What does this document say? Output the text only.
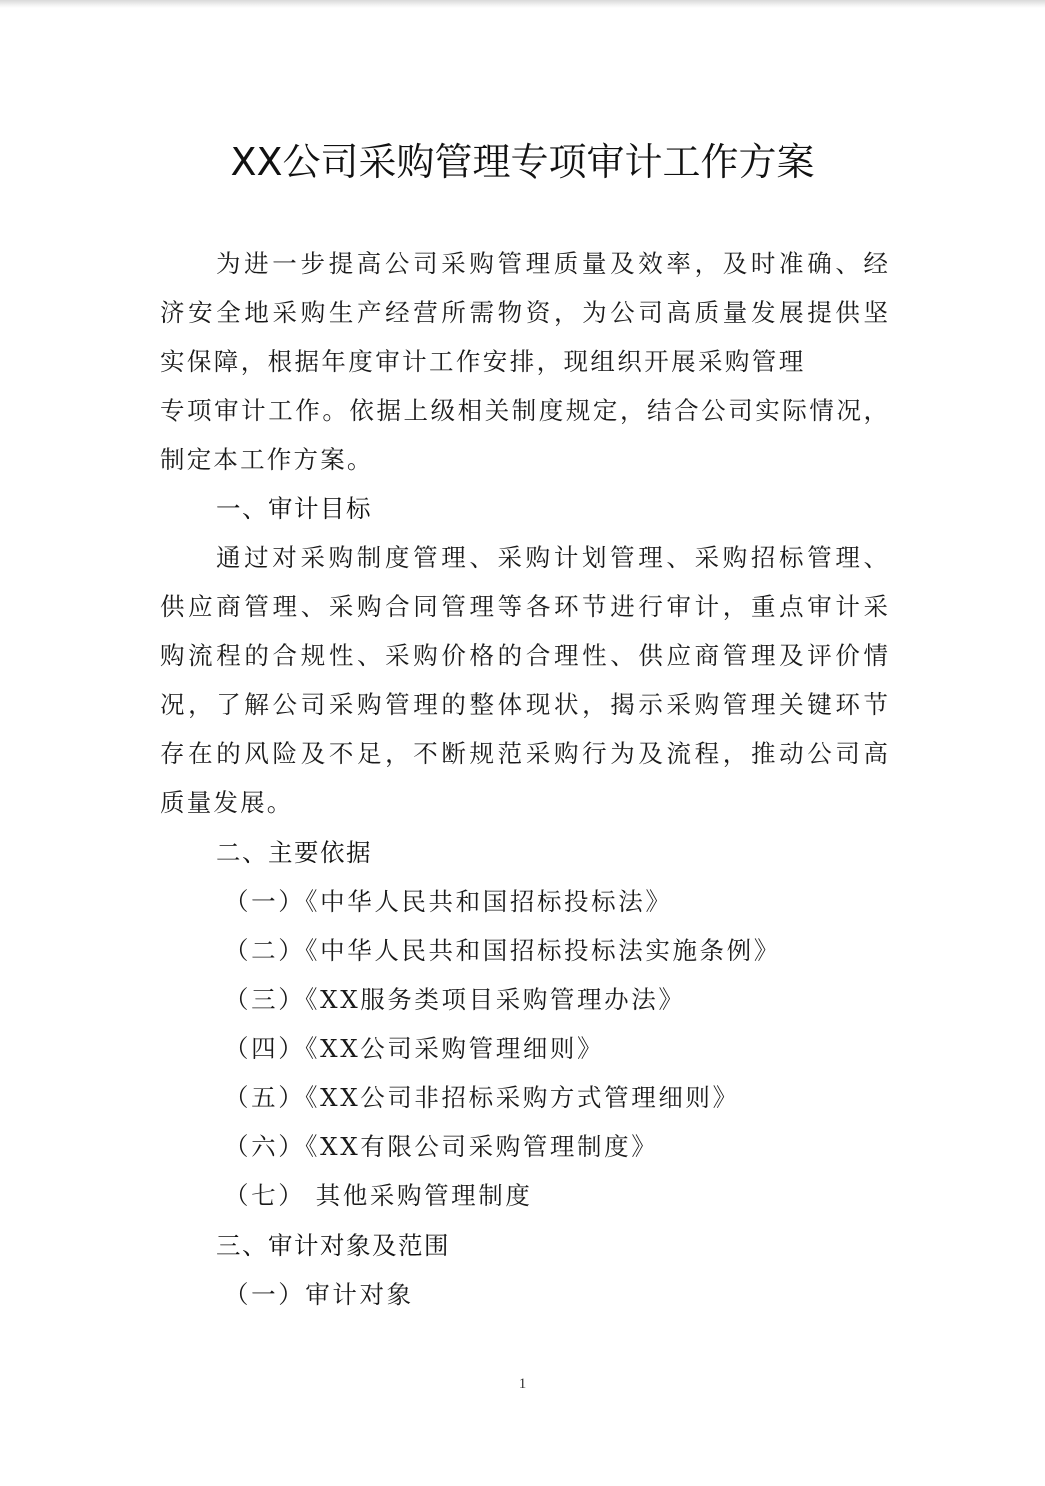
XX公司采购管理专项审计工作方案
为进一步提高公司采购管理质量及效率，及时准确、经
济安全地采购生产经营所需物资，为公司高质量发展提供坚
实保障，根据年度审计工作安排，现组织开展采购管理
专项审计工作。依据上级相关制度规定，结合公司实际情况，
制定本工作方案。
一、审计目标
通过对采购制度管理、采购计划管理、采购招标管理、
供应商管理、采购合同管理等各环节进行审计，重点审计采
购流程的合规性、采购价格的合理性、供应商管理及评价情
况，了解公司采购管理的整体现状，揭示采购管理关键环节
存在的风险及不足，不断规范采购行为及流程，推动公司高
质量发展。
二、主要依据
（一）《中华人民共和国招标投标法》
（二）《中华人民共和国招标投标法实施条例》
（三）《XX服务类项目采购管理办法》
（四）《XX公司采购管理细则》
（五）《XX公司非招标采购方式管理细则》
（六）《XX有限公司采购管理制度》
（七） 其他采购管理制度
三、审计对象及范围
（一）审计对象
1
